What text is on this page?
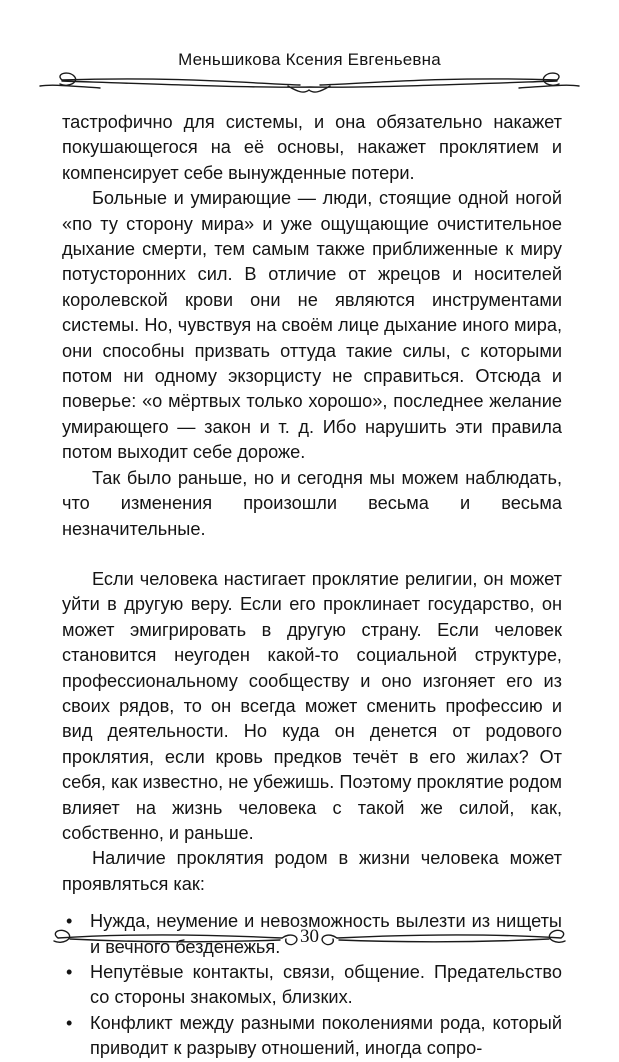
Меньшикова Ксения Евгеньевна

тастрофично для системы, и она обязательно накажет покушающегося на её основы, накажет проклятием и компенсирует себе вынужденные потери.

Больные и умирающие — люди, стоящие одной ногой «по ту сторону мира» и уже ощущающие очистительное дыхание смерти, тем самым также приближенные к миру потусторонних сил. В отличие от жрецов и носителей королевской крови они не являются инструментами системы. Но, чувствуя на своём лице дыхание иного мира, они способны призвать оттуда такие силы, с которыми потом ни одному экзорцисту не справиться. Отсюда и поверье: «о мёртвых только хорошо», последнее желание умирающего — закон и т. д. Ибо нарушить эти правила потом выходит себе дороже.

Так было раньше, но и сегодня мы можем наблюдать, что изменения произошли весьма и весьма незначительные.

Если человека настигает проклятие религии, он может уйти в другую веру. Если его проклинает государство, он может эмигрировать в другую страну. Если человек становится неугоден какой-то социальной структуре, профессиональному сообществу и оно изгоняет его из своих рядов, то он всегда может сменить профессию и вид деятельности. Но куда он денется от родового проклятия, если кровь предков течёт в его жилах? От себя, как известно, не убежишь. Поэтому проклятие родом влияет на жизнь человека с такой же силой, как, собственно, и раньше.

Наличие проклятия родом в жизни человека может проявляться как:

• Нужда, неумение и невозможность вылезти из нищеты и вечного безденежья.
• Непутёвые контакты, связи, общение. Предательство со стороны знакомых, близких.
• Конфликт между разными поколениями рода, который приводит к разрыву отношений, иногда сопро-
30
